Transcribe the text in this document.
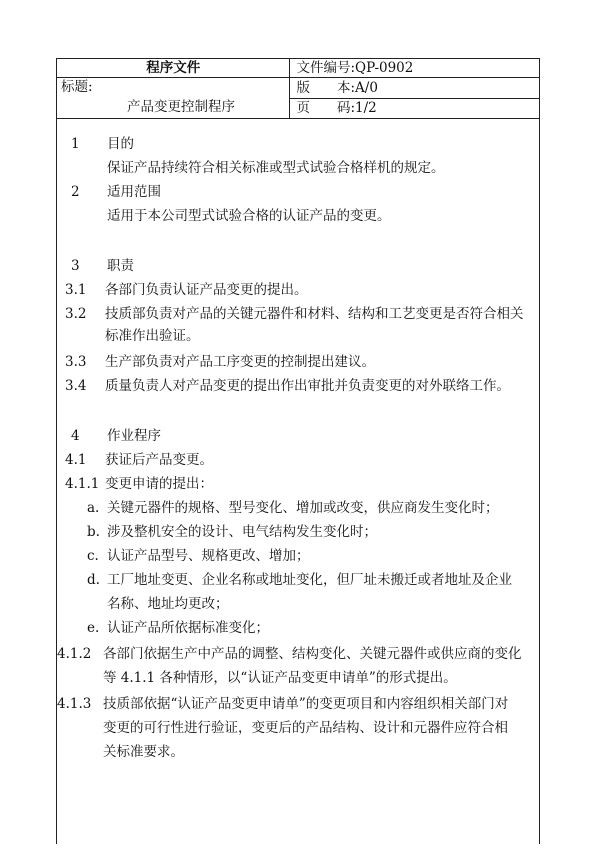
程序文件	文件编号:QP-0902
标题:
产品变更控制程序	版　　本:A/0
	页　　码:1/2
1 目的
保证产品持续符合相关标准或型式试验合格样机的规定。
2 适用范围
适用于本公司型式试验合格的认证产品的变更。
3 职责
3.1 各部门负责认证产品变更的提出。
3.2 技质部负责对产品的关键元器件和材料、结构和工艺变更是否符合相关
标准作出验证。
3.3 生产部负责对产品工序变更的控制提出建议。
3.4 质量负责人对产品变更的提出作出审批并负责变更的对外联络工作。
4 作业程序
4.1 获证后产品变更。
4.1.1 变更申请的提出：
a. 关键元器件的规格、型号变化、增加或改变，供应商发生变化时；
b. 涉及整机安全的设计、电气结构发生变化时；
c. 认证产品型号、规格更改、增加；
d. 工厂地址变更、企业名称或地址变化，但厂址未搬迁或者地址及企业
名称、地址均更改；
e. 认证产品所依据标准变化；
4.1.2 各部门依据生产中产品的调整、结构变化、关键元器件或供应商的变化
等 4.1.1 各种情形，以“认证产品变更申请单”的形式提出。
4.1.3 技质部依据“认证产品变更申请单”的变更项目和内容组织相关部门对
变更的可行性进行验证，变更后的产品结构、设计和元器件应符合相
关标准要求。
